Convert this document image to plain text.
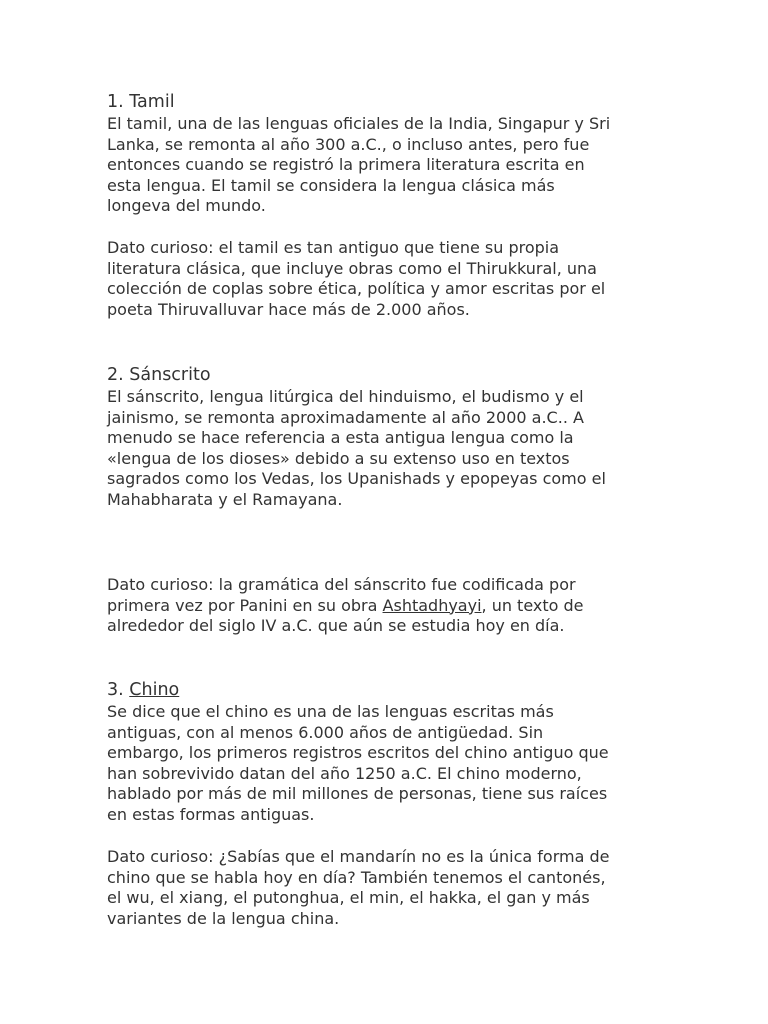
1. Tamil

El tamil, una de las lenguas oficiales de la India, Singapur y Sri
Lanka, se remonta al año 300 a.C., o incluso antes, pero fue
entonces cuando se registró la primera literatura escrita en
esta lengua. El tamil se considera la lengua clásica más
longeva del mundo.

Dato curioso: el tamil es tan antiguo que tiene su propia
literatura clásica, que incluye obras como el Thirukkural, una
colección de coplas sobre ética, política y amor escritas por el
poeta Thiruvalluvar hace más de 2.000 años.

2. Sánscrito

El sánscrito, lengua litúrgica del hinduismo, el budismo y el
jainismo, se remonta aproximadamente al año 2000 a.C.. A
menudo se hace referencia a esta antigua lengua como la
«lengua de los dioses» debido a su extenso uso en textos
sagrados como los Vedas, los Upanishads y epopeyas como el
Mahabharata y el Ramayana.

Dato curioso: la gramática del sánscrito fue codificada por
primera vez por Panini en su obra Ashtadhyayi, un texto de
alrededor del siglo IV a.C. que aún se estudia hoy en día.

3. Chino

Se dice que el chino es una de las lenguas escritas más
antiguas, con al menos 6.000 años de antigüedad. Sin
embargo, los primeros registros escritos del chino antiguo que
han sobrevivido datan del año 1250 a.C. El chino moderno,
hablado por más de mil millones de personas, tiene sus raíces
en estas formas antiguas.

Dato curioso: ¿Sabías que el mandarín no es la única forma de
chino que se habla hoy en día? También tenemos el cantonés,
el wu, el xiang, el putonghua, el min, el hakka, el gan y más
variantes de la lengua china.
